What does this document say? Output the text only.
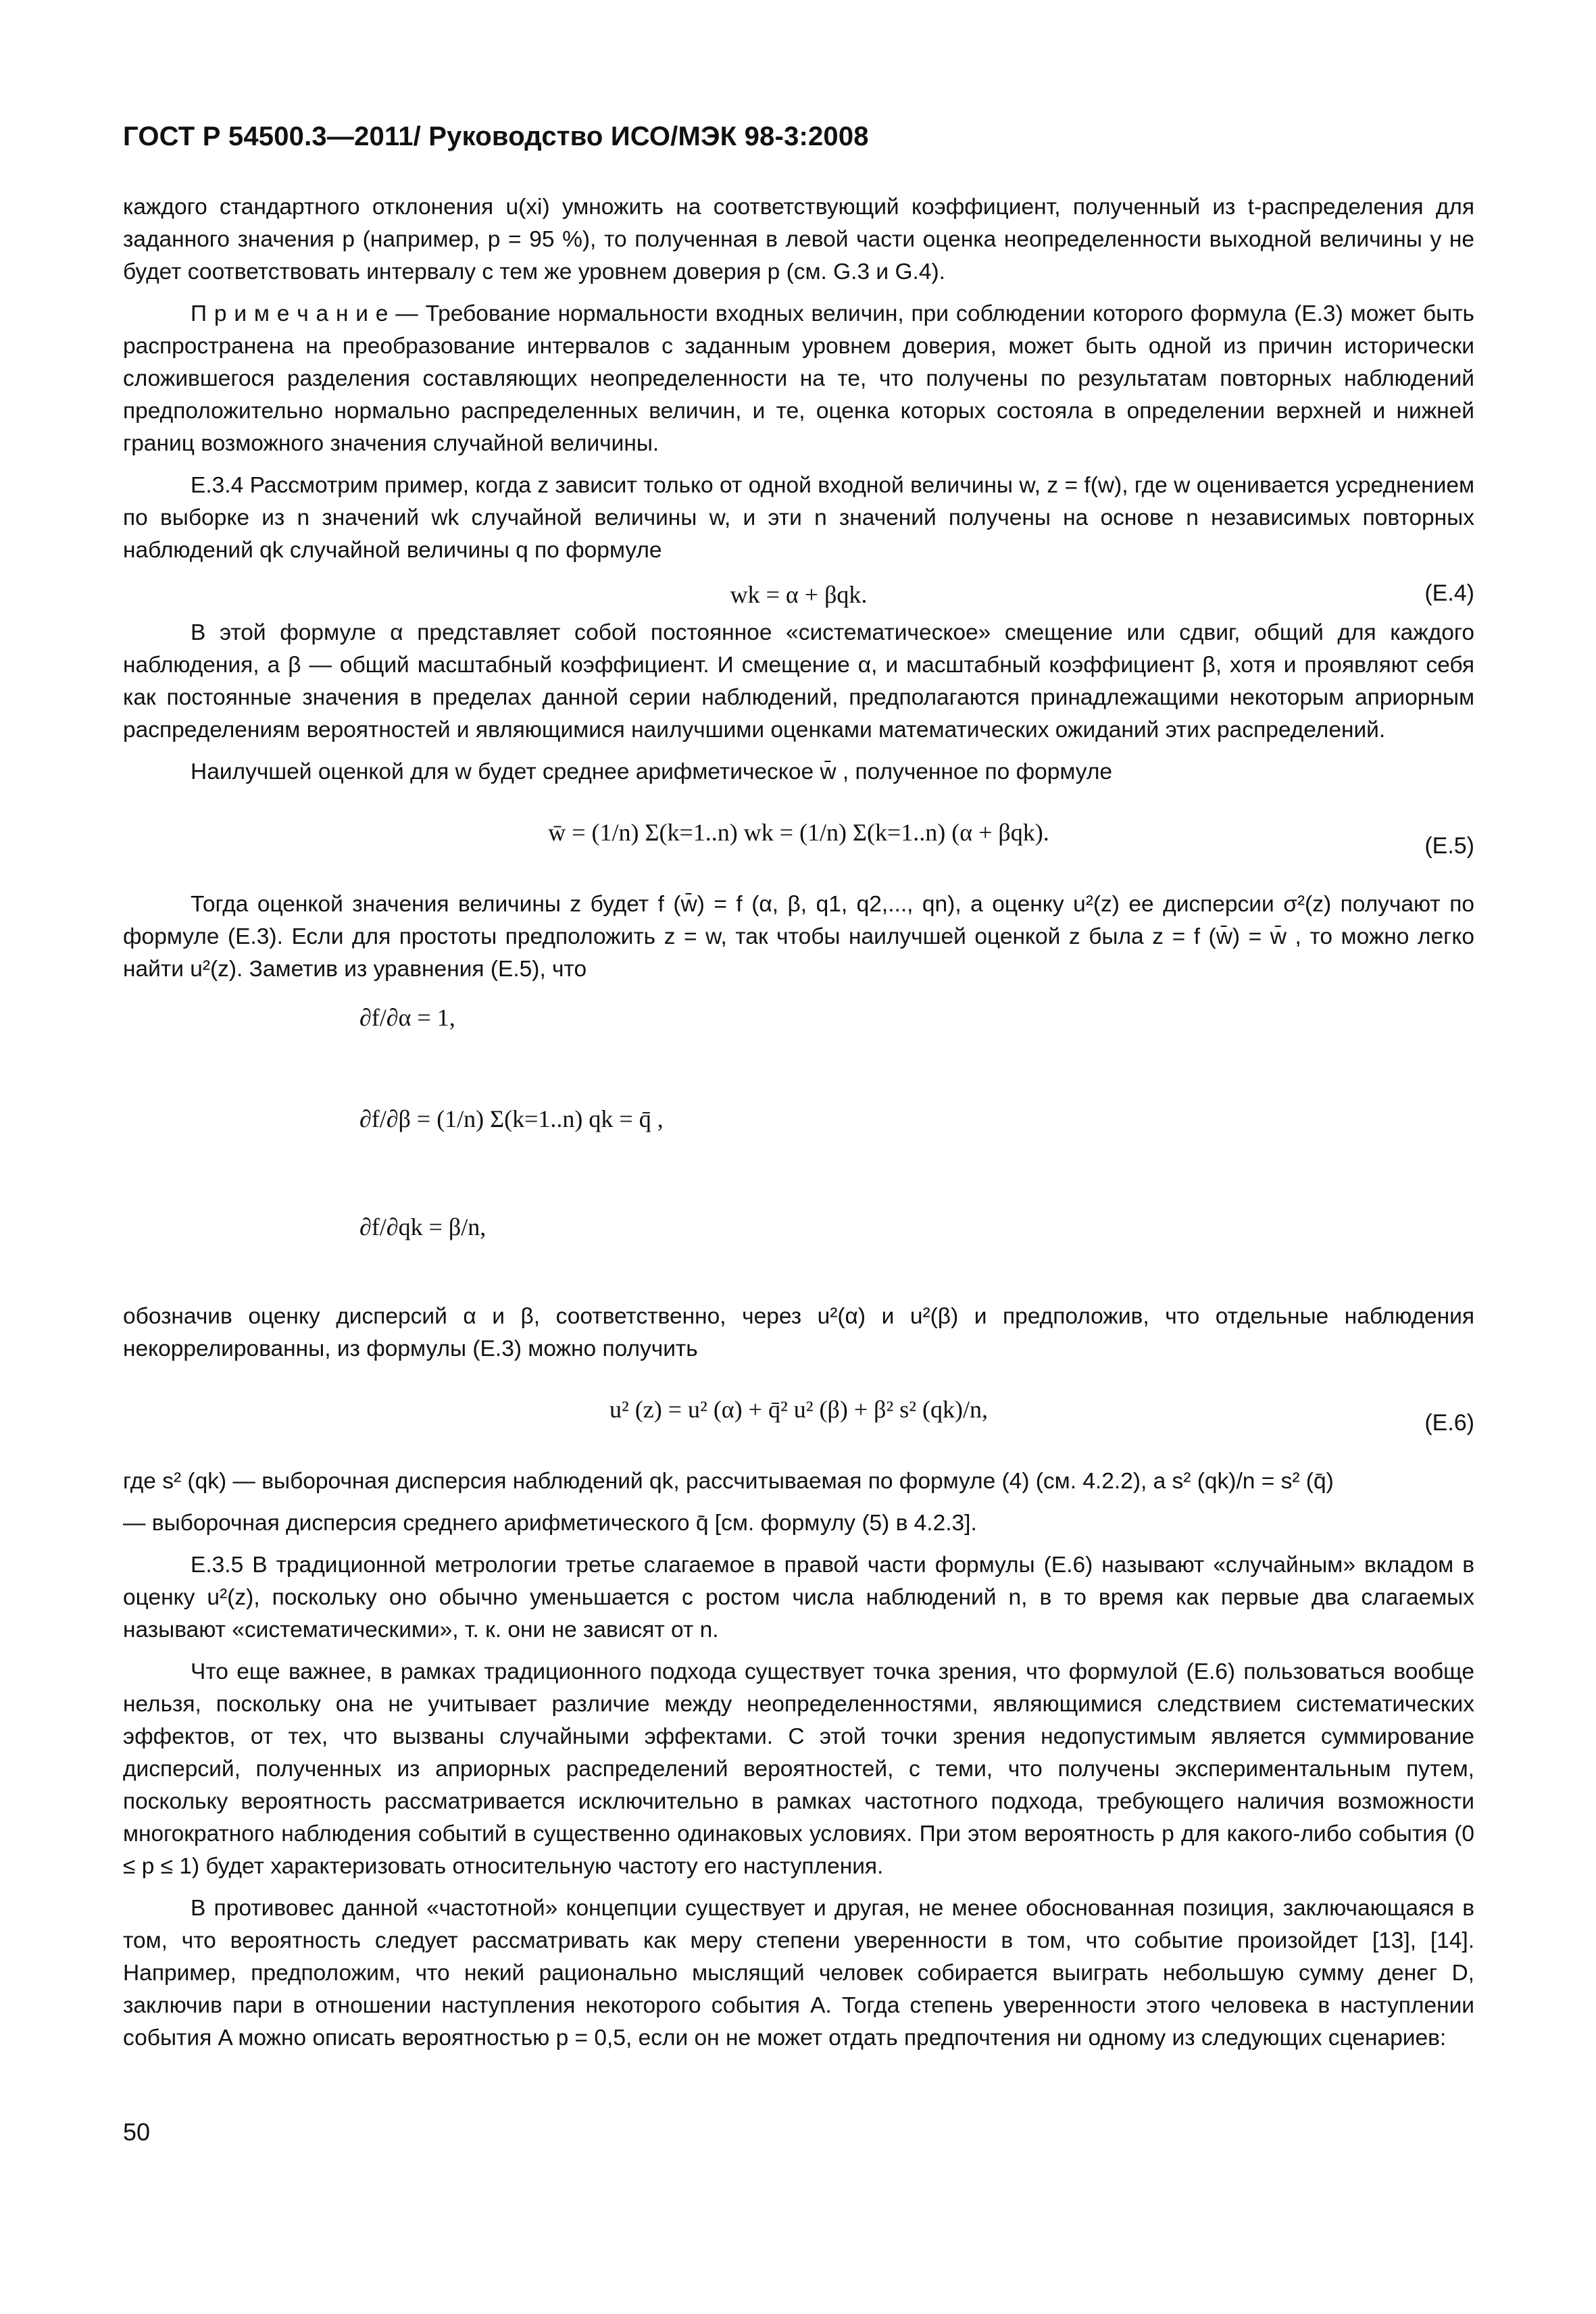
ГОСТ Р 54500.3—2011/ Руководство ИСО/МЭК 98-3:2008

каждого стандартного отклонения u(xi) умножить на соответствующий коэффициент, полученный из t-распределения для заданного значения p (например, p = 95 %), то полученная в левой части оценка неопределенности выходной величины y не будет соответствовать интервалу с тем же уровнем доверия p (см. G.3 и G.4).

П р и м е ч а н и е — Требование нормальности входных величин, при соблюдении которого формула (E.3) может быть распространена на преобразование интервалов с заданным уровнем доверия, может быть одной из причин исторически сложившегося разделения составляющих неопределенности на те, что получены по результатам повторных наблюдений предположительно нормально распределенных величин, и те, оценка которых состояла в определении верхней и нижней границ возможного значения случайной величины.

E.3.4 Рассмотрим пример, когда z зависит только от одной входной величины w, z = f(w), где w оценивается усреднением по выборке из n значений wk случайной величины w, и эти n значений получены на основе n независимых повторных наблюдений qk случайной величины q по формуле

wk = α + βqk.	(E.4)

В этой формуле α представляет собой постоянное «систематическое» смещение или сдвиг, общий для каждого наблюдения, а β — общий масштабный коэффициент. И смещение α, и масштабный коэффициент β, хотя и проявляют себя как постоянные значения в пределах данной серии наблюдений, предполагаются принадлежащими некоторым априорным распределениям вероятностей и являющимися наилучшими оценками математических ожиданий этих распределений.

Наилучшей оценкой для w будет среднее арифметическое w̄ , полученное по формуле

w̄ = (1/n) Σ(k=1..n) wk = (1/n) Σ(k=1..n) (α + βqk).	(E.5)

Тогда оценкой значения величины z будет f (w̄) = f (α, β, q1, q2,..., qn), а оценку u²(z) ее дисперсии σ²(z) получают по формуле (E.3). Если для простоты предположить z = w, так чтобы наилучшей оценкой z была z = f (w̄) = w̄ , то можно легко найти u²(z). Заметив из уравнения (E.5), что

∂f/∂α = 1,
∂f/∂β = (1/n) Σ(k=1..n) qk = q̄ ,
∂f/∂qk = β/n,

обозначив оценку дисперсий α и β, соответственно, через u²(α) и u²(β) и предположив, что отдельные наблюдения некоррелированны, из формулы (E.3) можно получить

u² (z) = u² (α) + q̄² u² (β) + β² s² (qk)/n,	(E.6)

где s² (qk) — выборочная дисперсия наблюдений qk, рассчитываемая по формуле (4) (см. 4.2.2), а s² (qk)/n = s² (q̄)

— выборочная дисперсия среднего арифметического q̄ [см. формулу (5) в 4.2.3].

E.3.5 В традиционной метрологии третье слагаемое в правой части формулы (E.6) называют «случайным» вкладом в оценку u²(z), поскольку оно обычно уменьшается с ростом числа наблюдений n, в то время как первые два слагаемых называют «систематическими», т. к. они не зависят от n.

Что еще важнее, в рамках традиционного подхода существует точка зрения, что формулой (E.6) пользоваться вообще нельзя, поскольку она не учитывает различие между неопределенностями, являющимися следствием систематических эффектов, от тех, что вызваны случайными эффектами. С этой точки зрения недопустимым является суммирование дисперсий, полученных из априорных распределений вероятностей, с теми, что получены экспериментальным путем, поскольку вероятность рассматривается исключительно в рамках частотного подхода, требующего наличия возможности многократного наблюдения событий в существенно одинаковых условиях. При этом вероятность p для какого-либо события (0 ≤ p ≤ 1) будет характеризовать относительную частоту его наступления.

В противовес данной «частотной» концепции существует и другая, не менее обоснованная позиция, заключающаяся в том, что вероятность следует рассматривать как меру степени уверенности в том, что событие произойдет [13], [14]. Например, предположим, что некий рационально мыслящий человек собирается выиграть небольшую сумму денег D, заключив пари в отношении наступления некоторого события A. Тогда степень уверенности этого человека в наступлении события A можно описать вероятностью p = 0,5, если он не может отдать предпочтения ни одному из следующих сценариев:

50
